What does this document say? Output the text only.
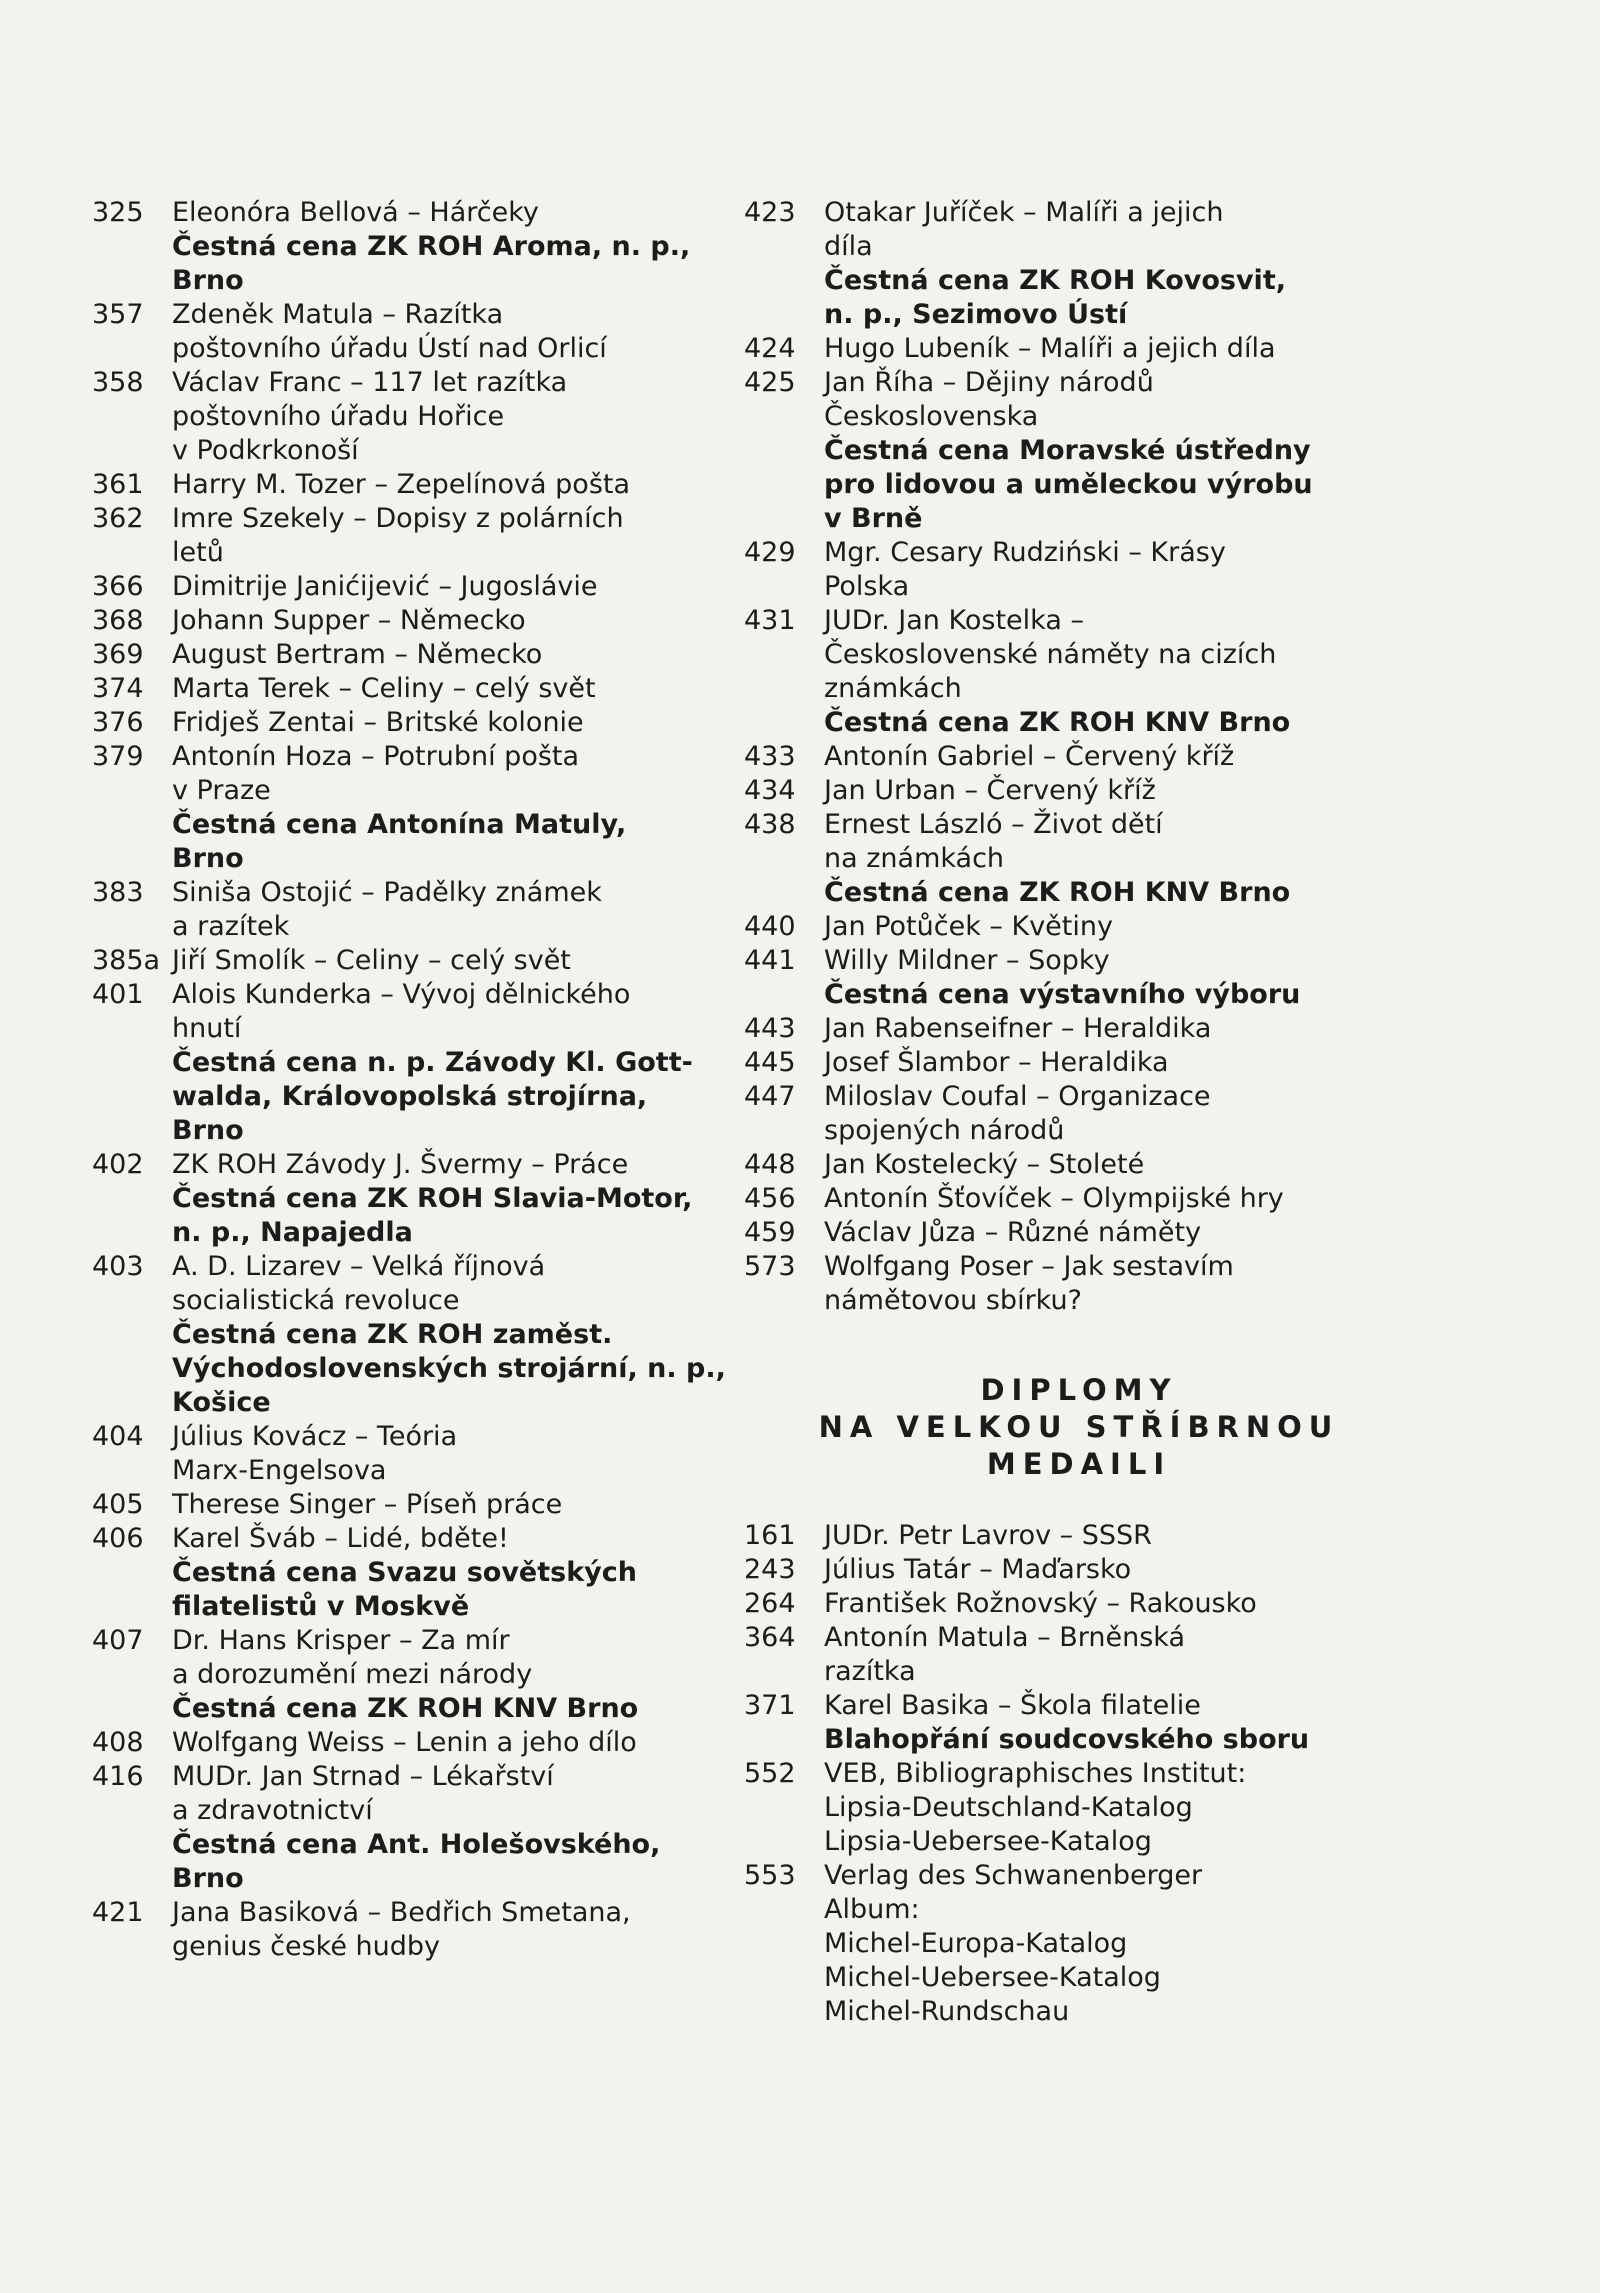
325	Eleonóra Bellová – Hárčeky
Čestná cena ZK ROH Aroma, n. p.,
Brno
357	Zdeněk Matula – Razítka
poštovního úřadu Ústí nad Orlicí
358	Václav Franc – 117 let razítka
poštovního úřadu Hořice
v Podkrkonoší
361	Harry M. Tozer – Zepelínová pošta
362	Imre Szekely – Dopisy z polárních
letů
366	Dimitrije Janićijević – Jugoslávie
368	Johann Supper – Německo
369	August Bertram – Německo
374	Marta Terek – Celiny – celý svět
376	Fridješ Zentai – Britské kolonie
379	Antonín Hoza – Potrubní pošta
v Praze
Čestná cena Antonína Matuly,
Brno
383	Siniša Ostojić – Padělky známek
a razítek
385a Jiří Smolík – Celiny – celý svět
401	Alois Kunderka – Vývoj dělnického
hnutí
Čestná cena n. p. Závody Kl. Gott-
walda, Královopolská strojírna,
Brno
402	ZK ROH Závody J. Švermy – Práce
Čestná cena ZK ROH Slavia-Motor,
n. p., Napajedla
403	A. D. Lizarev – Velká říjnová
socialistická revoluce
Čestná cena ZK ROH zaměst.
Východoslovenských strojární, n. p.,
Košice
404	Július Kovácz – Teória
Marx-Engelsova
405	Therese Singer – Píseň práce
406	Karel Šváb – Lidé, bděte!
Čestná cena Svazu sovětských
filatelistů v Moskvě
407	Dr. Hans Krisper – Za mír
a dorozumění mezi národy
Čestná cena ZK ROH KNV Brno
408	Wolfgang Weiss – Lenin a jeho dílo
416	MUDr. Jan Strnad – Lékařství
a zdravotnictví
Čestná cena Ant. Holešovského,
Brno
421	Jana Basiková – Bedřich Smetana,
genius české hudby
423	Otakar Juříček – Malíři a jejich
díla
Čestná cena ZK ROH Kovosvit,
n. p., Sezimovo Ústí
424	Hugo Lubeník – Malíři a jejich díla
425	Jan Říha – Dějiny národů
Československa
Čestná cena Moravské ústředny
pro lidovou a uměleckou výrobu
v Brně
429	Mgr. Cesary Rudziński – Krásy
Polska
431	JUDr. Jan Kostelka –
Československé náměty na cizích
známkách
Čestná cena ZK ROH KNV Brno
433	Antonín Gabriel – Červený kříž
434	Jan Urban – Červený kříž
438	Ernest László – Život dětí
na známkách
Čestná cena ZK ROH KNV Brno
440	Jan Potůček – Květiny
441	Willy Mildner – Sopky
Čestná cena výstavního výboru
443	Jan Rabenseifner – Heraldika
445	Josef Šlambor – Heraldika
447	Miloslav Coufal – Organizace
spojených národů
448	Jan Kostelecký – Stoleté
456	Antonín Šťovíček – Olympijské hry
459	Václav Jůza – Různé náměty
573	Wolfgang Poser – Jak sestavím
námětovou sbírku?
DIPLOMY
NA VELKOU STŘÍBRNOU
MEDAILI
161	JUDr. Petr Lavrov – SSSR
243	Július Tatár – Maďarsko
264	František Rožnovský – Rakousko
364	Antonín Matula – Brněnská
razítka
371	Karel Basika – Škola filatelie
Blahopřání soudcovského sboru
552	VEB, Bibliographisches Institut:
Lipsia-Deutschland-Katalog
Lipsia-Uebersee-Katalog
553	Verlag des Schwanenberger
Album:
Michel-Europa-Katalog
Michel-Uebersee-Katalog
Michel-Rundschau
